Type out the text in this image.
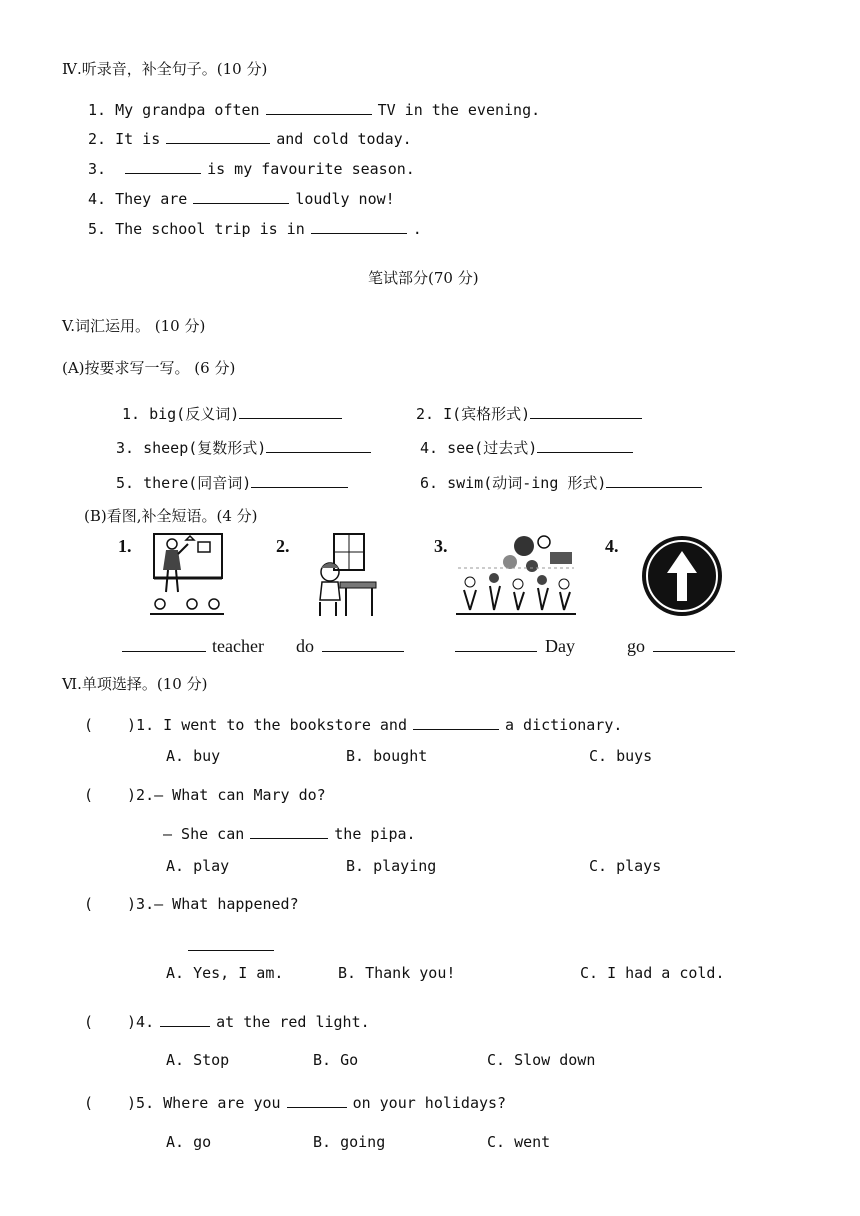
Ⅳ.听录音，补全句子。(10 分)
1. My grandpa often	TV in the evening.
2. It is	and cold today.
3.	is my favourite season.
4. They are	loudly now!
5. The school trip is in	.
笔试部分(70 分)
V.词汇运用。 (10 分)
(A)按要求写一写。 (6 分)
1. big(反义词)	2. I(宾格形式)
3. sheep(复数形式)	4. see(过去式)
5. there(同音词)	6. swim(动词-ing 形式)
(B)看图,补全短语。(4 分)
1.	2.	3.	4.
teacher do	Day	go
Ⅵ.单项选择。(10 分)
( )1. I went to the bookstore and	a dictionary.
A. buy	B. bought	C. buys
( )2.— What can Mary do?
— She can	the pipa.
A. play	B. playing	C. plays
( )3.— What happened?
A. Yes, I am.	B. Thank you!	C. I had a cold.
( )4.	at the red light.
A. Stop	B. Go	C. Slow down
( )5. Where are you	on your holidays?
A. go	B. going	C. went
